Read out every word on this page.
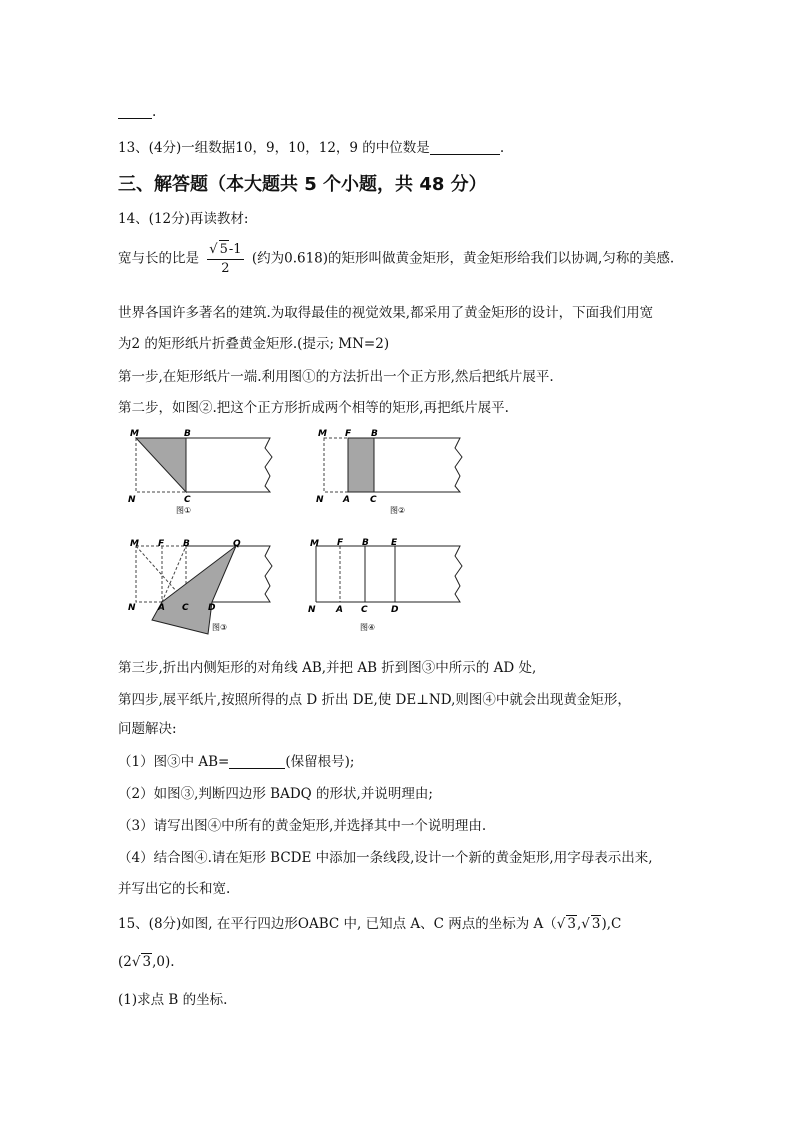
.
13、(4分)一组数据10，9，10，12，9 的中位数是	.
三、解答题（本大题共 5 个小题，共 48 分）
14、(12分)再读教材:
宽与长的比是 $\frac{√ 5-1}{2}$ (约为0.618)的矩形叫做黄金矩形，黄金矩形给我们以协调,匀称的美感.
世界各国许多著名的建筑.为取得最佳的视觉效果,都采用了黄金矩形的设计，下面我们用宽
为2 的矩形纸片折叠黄金矩形.(提示; MN=2)
第一步,在矩形纸片一端.利用图①的方法折出一个正方形,然后把纸片展平.
第二步，如图②.把这个正方形折成两个相等的矩形,再把纸片展平.
M	B
N	C
图①
M F B
N A C
图②
M F B	Q
N A C D
图③
M F B E
N A C	D
图④
第三步,折出内侧矩形的对角线 AB,并把 AB 折到图③中所示的 AD 处,
第四步,展平纸片,按照所得的点 D 折出 DE,使 DE⊥ND,则图④中就会出现黄金矩形，
问题解决:
（1）图③中 AB=	(保留根号);
（2）如图③,判断四边形 BADQ 的形状,并说明理由;
（3）请写出图④中所有的黄金矩形,并选择其中一个说明理由.
（4）结合图④.请在矩形 BCDE 中添加一条线段,设计一个新的黄金矩形,用字母表示出来,
并写出它的长和宽.
15、(8分)如图, 在平行四边形OABC 中, 已知点 A、C 两点的坐标为 A（√ 3,√ 3),C
(2√ 3,0).
(1)求点 B 的坐标.
